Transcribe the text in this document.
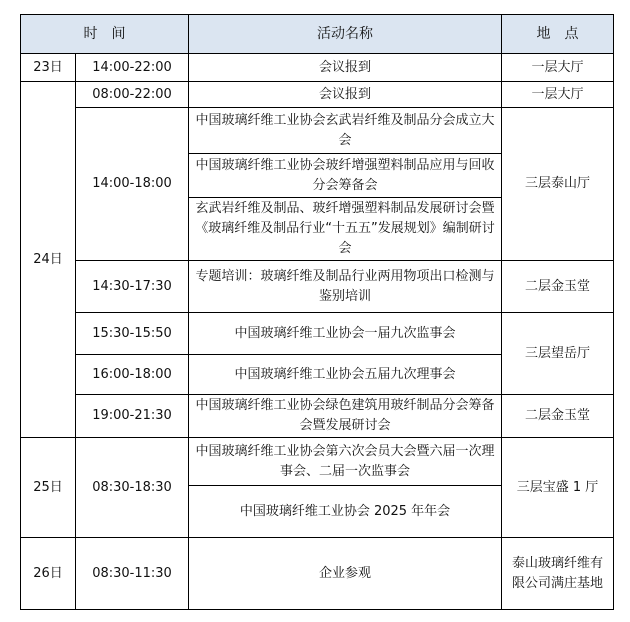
时　间		活动名称	地　点
23日	14:00-22:00	会议报到	一层大厅
24日	08:00-22:00	会议报到	一层大厅
	14:00-18:00	中国玻璃纤维工业协会玄武岩纤维及制品分会成立大会	三层泰山厅
		中国玻璃纤维工业协会玻纤增强塑料制品应用与回收分会筹备会	
		玄武岩纤维及制品、玻纤增强塑料制品发展研讨会暨《玻璃纤维及制品行业“十五五”发展规划》编制研讨会	
	14:30-17:30	专题培训：玻璃纤维及制品行业两用物项出口检测与鉴别培训	二层金玉堂
	15:30-15:50	中国玻璃纤维工业协会一届九次监事会	三层望岳厅
	16:00-18:00	中国玻璃纤维工业协会五届九次理事会	
	19:00-21:30	中国玻璃纤维工业协会绿色建筑用玻纤制品分会筹备会暨发展研讨会	二层金玉堂
25日	08:30-18:30	中国玻璃纤维工业协会第六次会员大会暨六届一次理事会、二届一次监事会	三层宝盛 1 厅
		中国玻璃纤维工业协会 2025 年年会	
26日	08:30-11:30	企业参观	泰山玻璃纤维有限公司满庄基地
